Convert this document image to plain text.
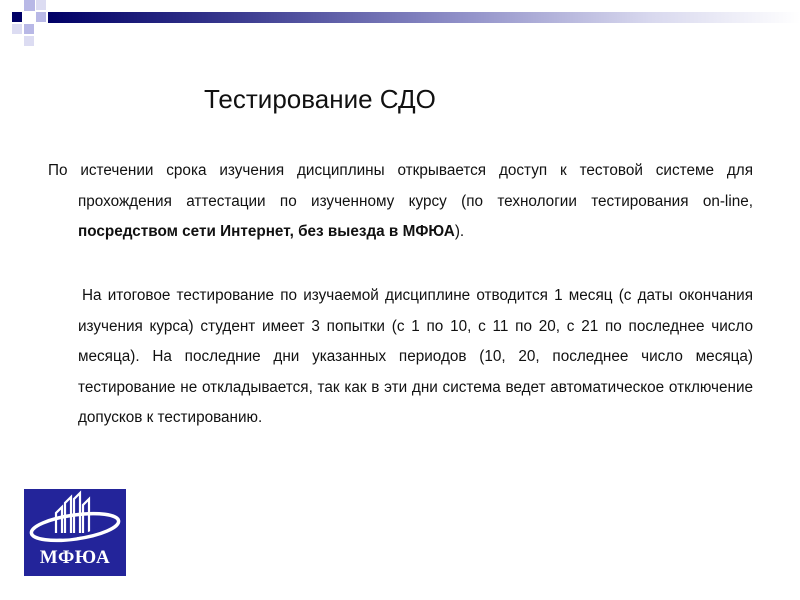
Тестирование СДО
По истечении срока изучения дисциплины открывается доступ к тестовой системе для прохождения аттестации по изученному курсу (по технологии тестирования on-line, посредством сети Интернет, без выезда в МФЮА).
На итоговое тестирование по изучаемой дисциплине отводится 1 месяц (с даты окончания изучения курса) студент имеет 3 попытки (с 1 по 10, с 11 по 20, с 21 по последнее число месяца). На последние дни указанных периодов (10, 20, последнее число месяца) тестирование не откладывается, так как в эти дни система ведет автоматическое отключение допусков к тестированию.
МФЮА
